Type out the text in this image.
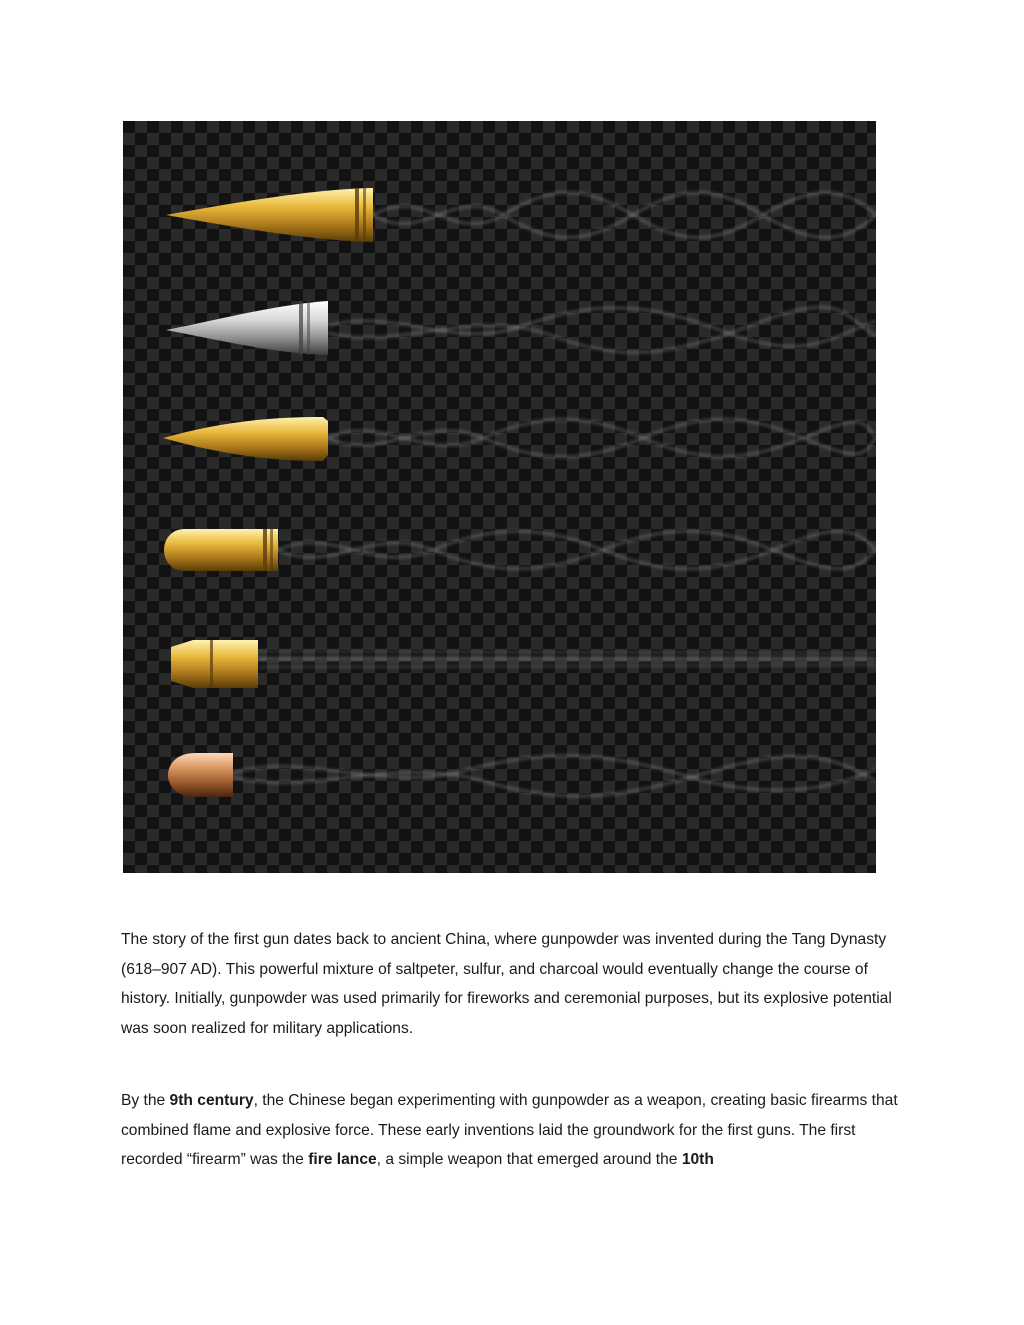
The story of the first gun dates back to ancient China, where gunpowder was invented during the Tang Dynasty (618–907 AD). This powerful mixture of saltpeter, sulfur, and charcoal would eventually change the course of history. Initially, gunpowder was used primarily for fireworks and ceremonial purposes, but its explosive potential was soon realized for military applications.

By the 9th century, the Chinese began experimenting with gunpowder as a weapon, creating basic firearms that combined flame and explosive force. These early inventions laid the groundwork for the first guns. The first recorded “firearm” was the fire lance, a simple weapon that emerged around the 10th
